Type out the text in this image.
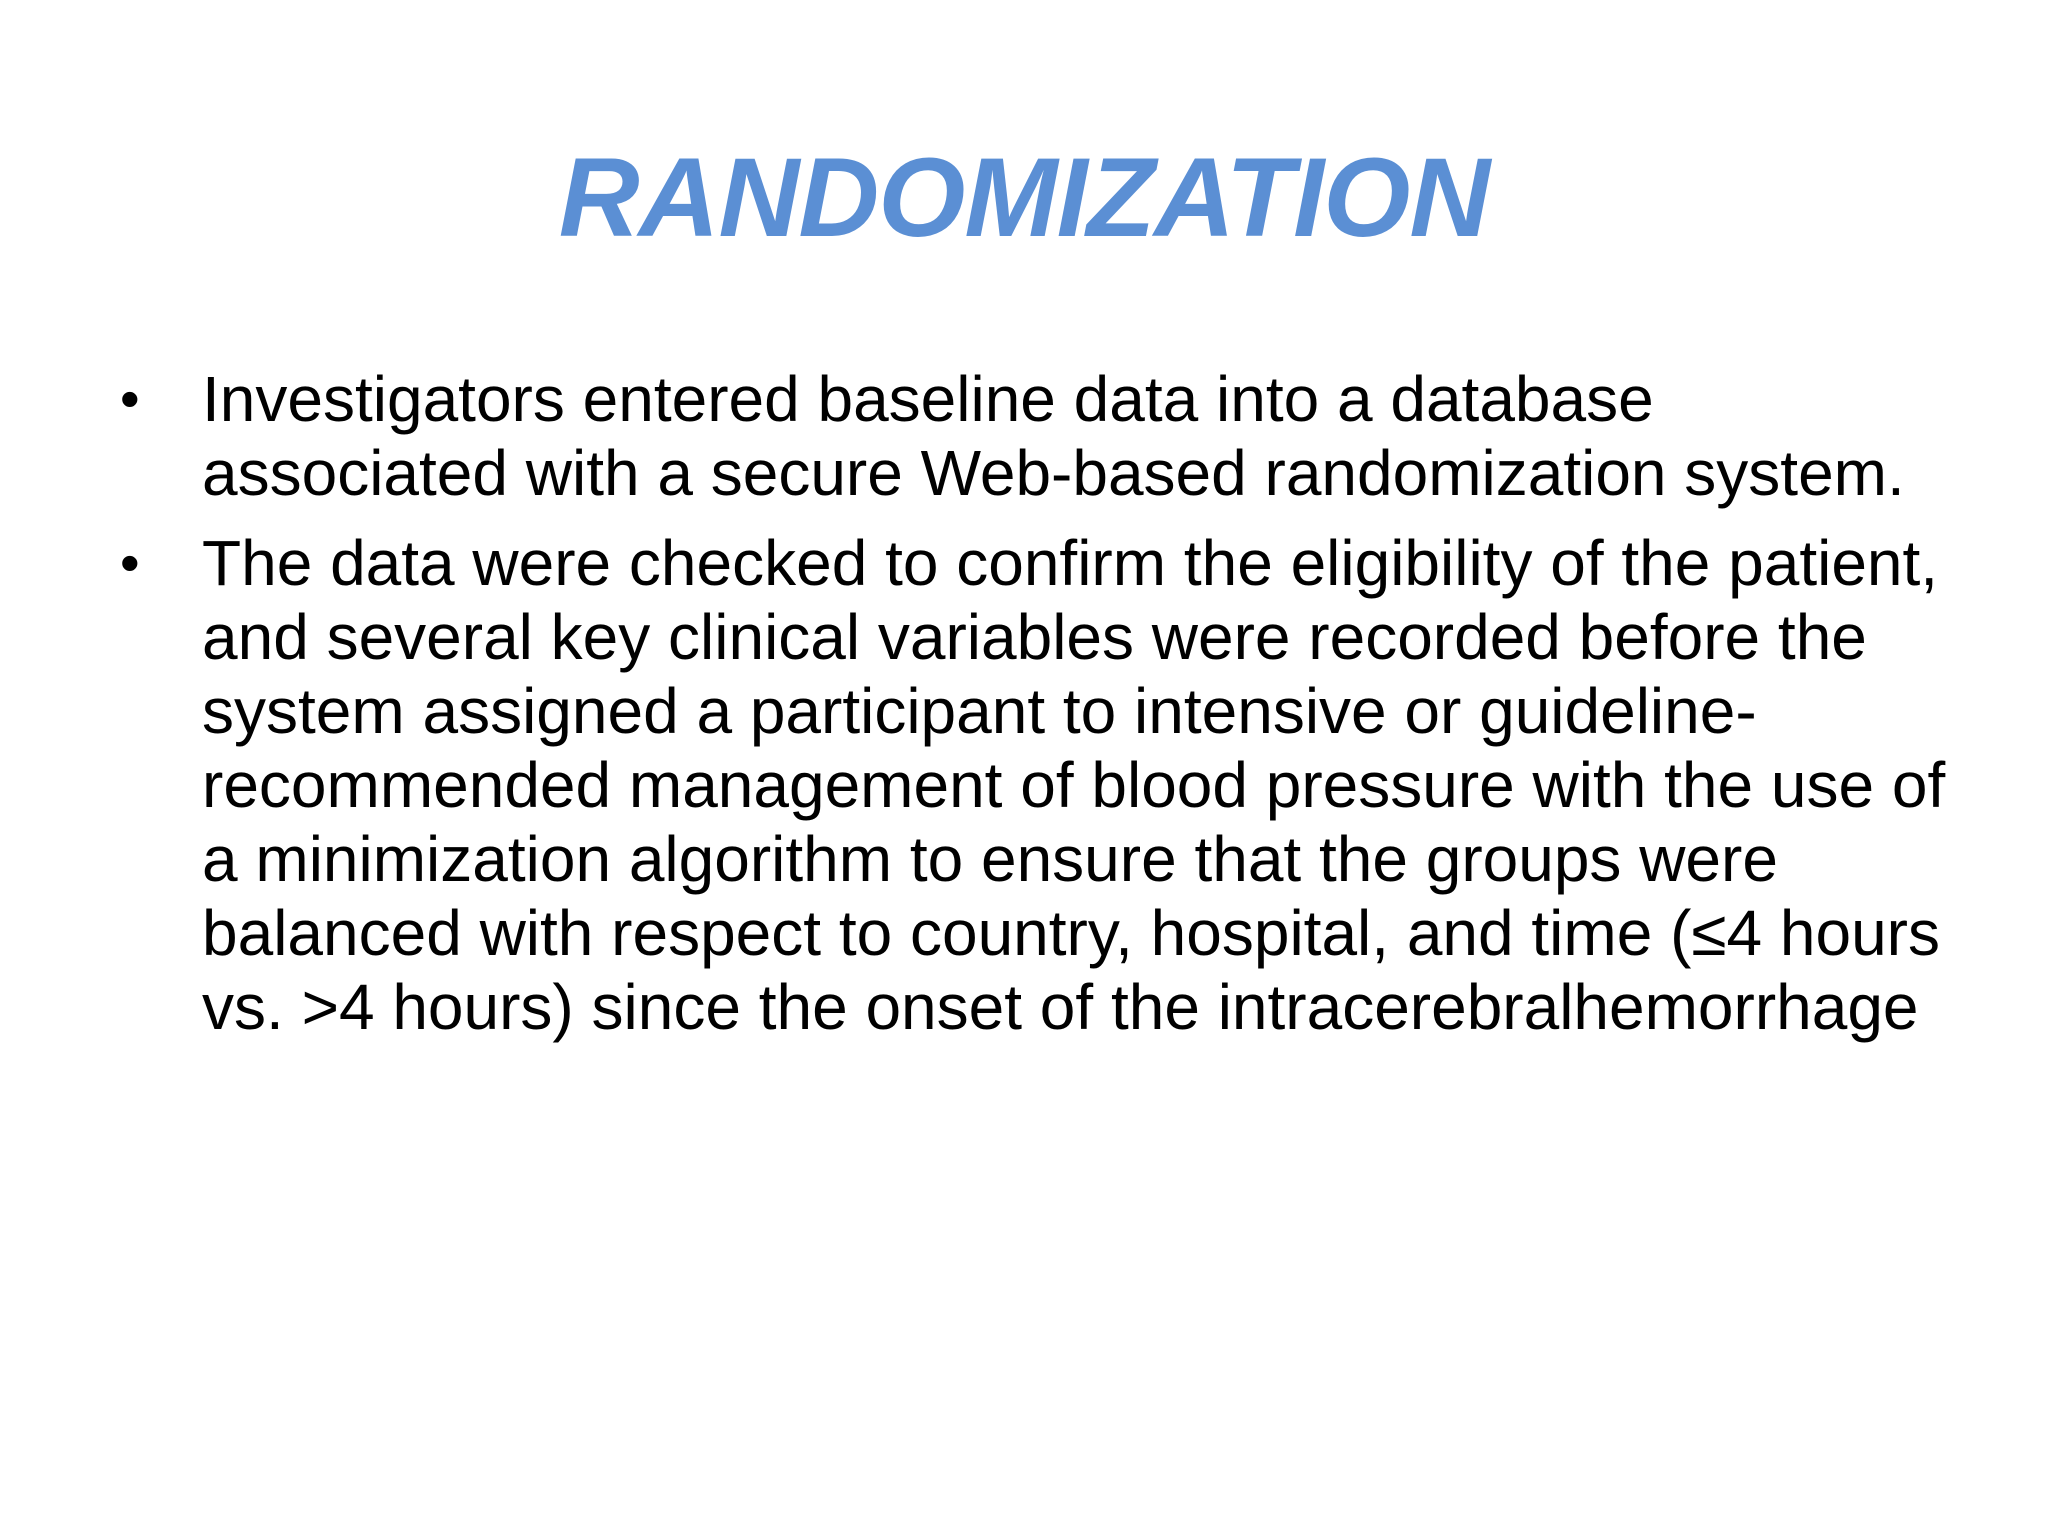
RANDOMIZATION
• Investigators entered baseline data into a database associated with a secure Web-based randomization system.
• The data were checked to confirm the eligibility of the patient, and several key clinical variables were recorded before the system assigned a participant to intensive or guideline-recommended management of blood pressure with the use of a minimization algorithm to ensure that the groups were balanced with respect to country, hospital, and time (≤4 hours vs. >4 hours) since the onset of the intracerebralhemorrhage
